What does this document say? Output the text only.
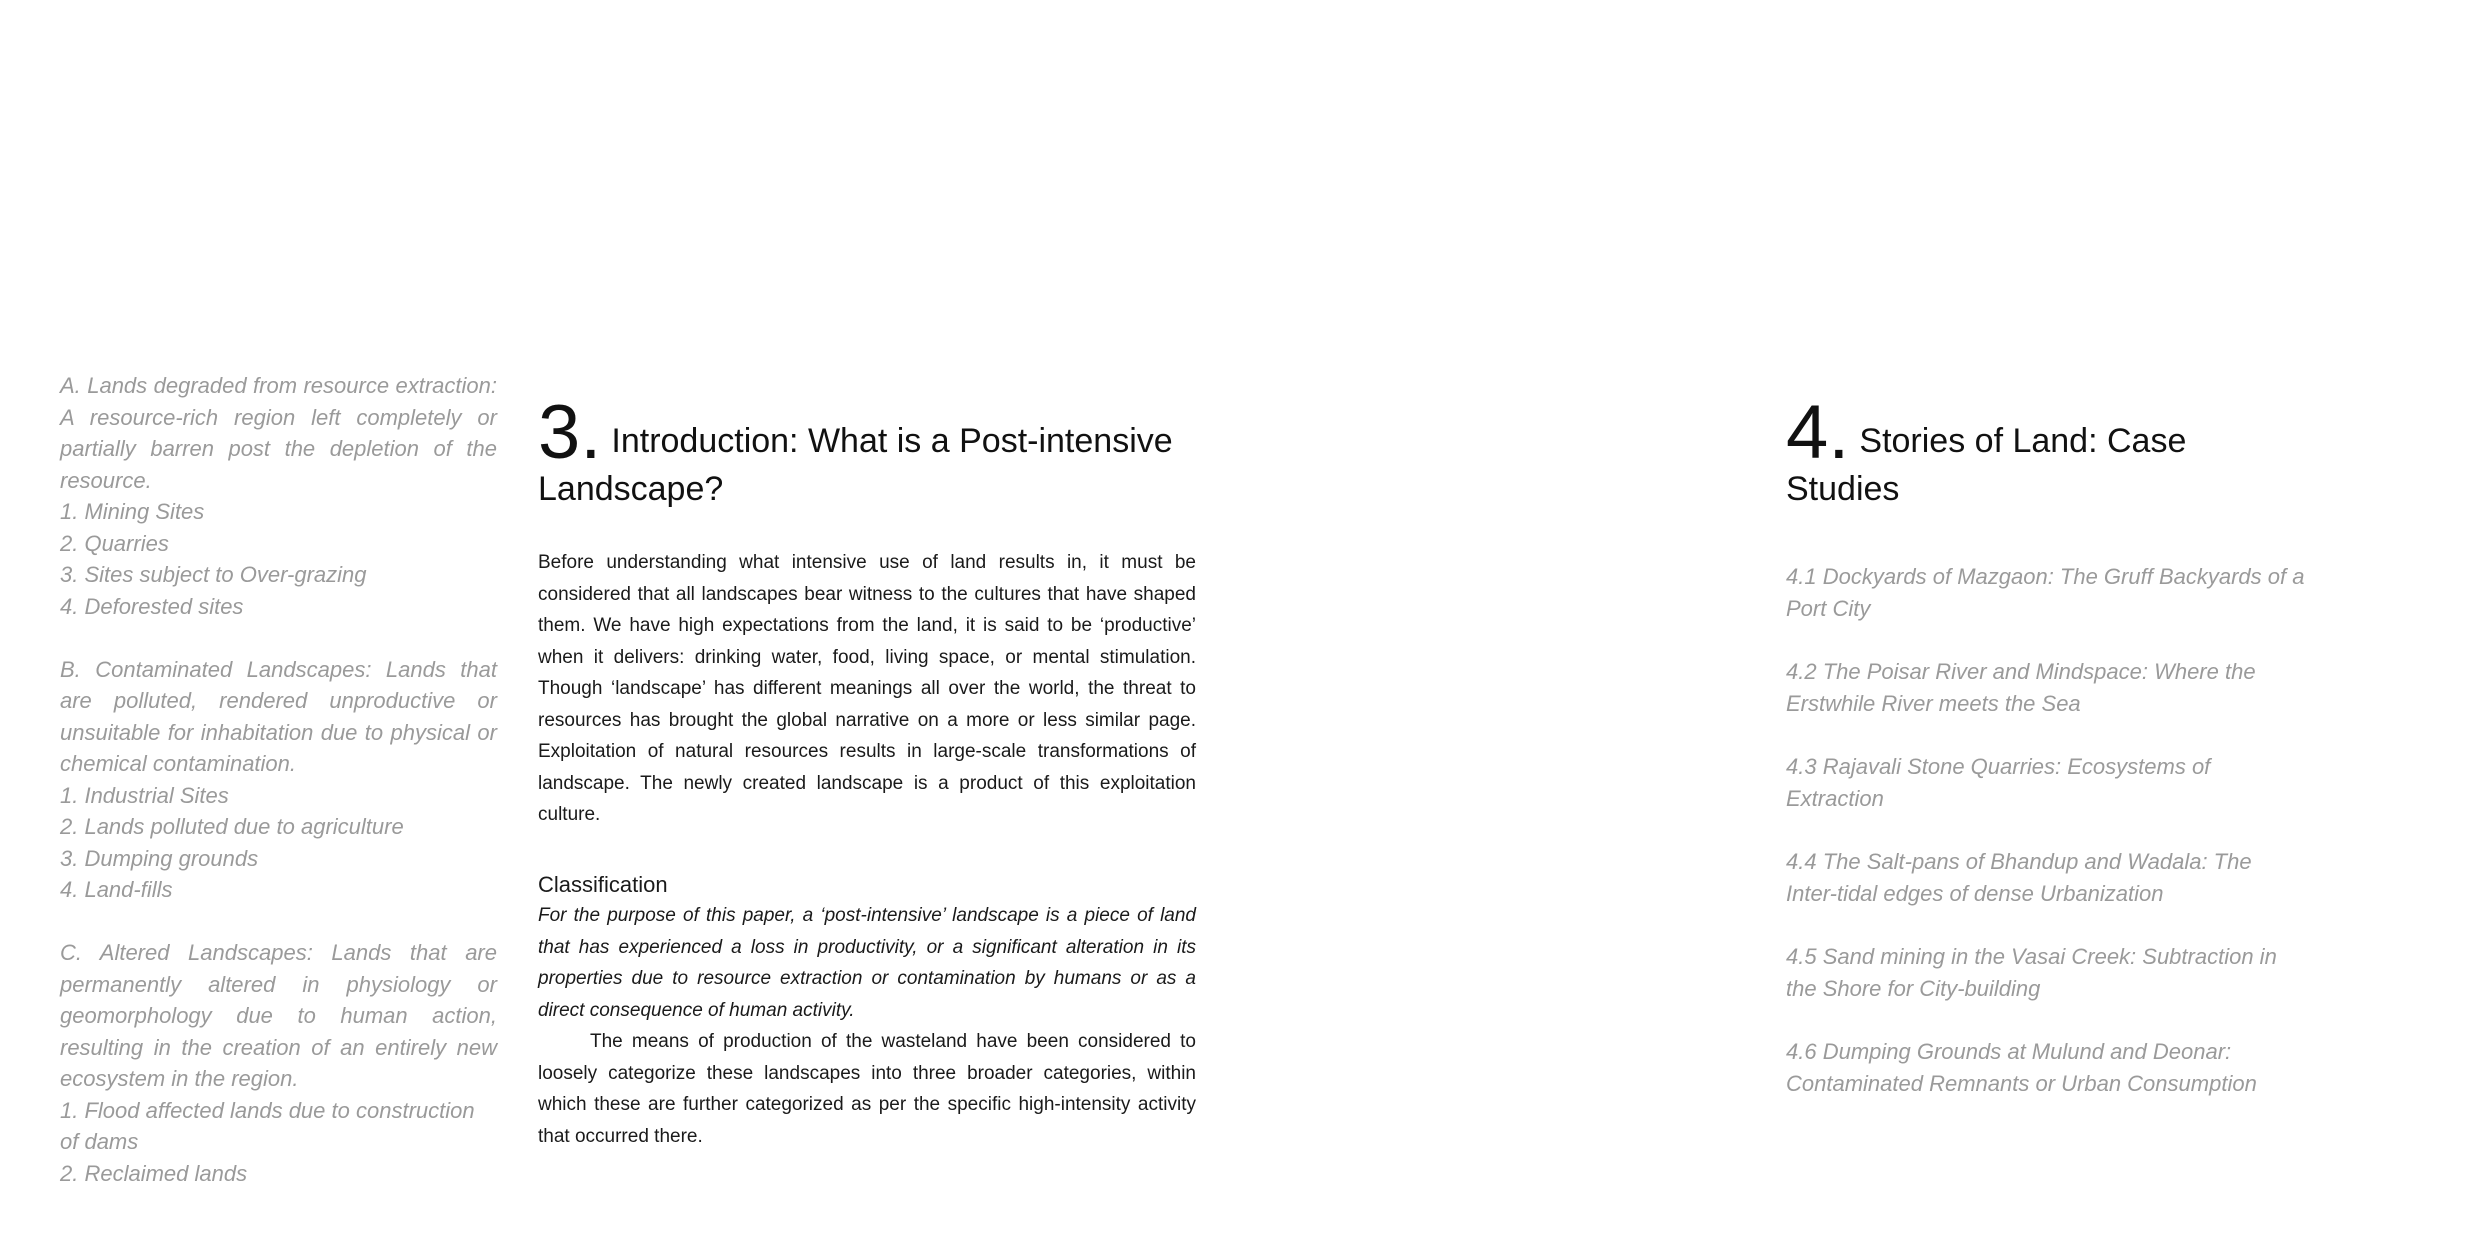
A. Lands degraded from resource extraction: A resource-rich region left completely or partially barren post the depletion of the resource.

1. Mining Sites

2. Quarries

3. Sites subject to Over-grazing

4. Deforested sites

B. Contaminated Landscapes: Lands that are polluted, rendered unproductive or unsuitable for inhabitation due to physical or chemical contamination.

1. Industrial Sites

2. Lands polluted due to agriculture

3. Dumping grounds

4. Land-fills

C. Altered Landscapes: Lands that are permanently altered in physiology or geomorphology due to human action, resulting in the creation of an entirely new ecosystem in the region.

1. Flood affected lands due to construction of dams

2. Reclaimed lands

3. Introduction: What is a Post-intensive Landscape?

Before understanding what intensive use of land results in, it must be considered that all landscapes bear witness to the cultures that have shaped them. We have high expectations from the land, it is said to be ‘productive’ when it delivers: drinking water, food, living space, or mental stimulation. Though ‘landscape’ has different meanings all over the world, the threat to resources has brought the global narrative on a more or less similar page. Exploitation of natural resources results in large-scale transformations of landscape. The newly created landscape is a product of this exploitation culture.

Classification

For the purpose of this paper, a ‘post-intensive’ landscape is a piece of land that has experienced a loss in productivity, or a significant alteration in its properties due to resource extraction or contamination by humans or as a direct consequence of human activity.

The means of production of the wasteland have been considered to loosely categorize these landscapes into three broader categories, within which these are further categorized as per the specific high-intensity activity that occurred there.

4. Stories of Land: Case Studies

4.1 Dockyards of Mazgaon: The Gruff Backyards of a Port City

4.2 The Poisar River and Mindspace: Where the Erstwhile River meets the Sea

4.3 Rajavali Stone Quarries: Ecosystems of Extraction

4.4 The Salt-pans of Bhandup and Wadala: The Inter-tidal edges of dense Urbanization

4.5 Sand mining in the Vasai Creek: Subtraction in the Shore for City-building

4.6 Dumping Grounds at Mulund and Deonar: Contaminated Remnants or Urban Consumption
